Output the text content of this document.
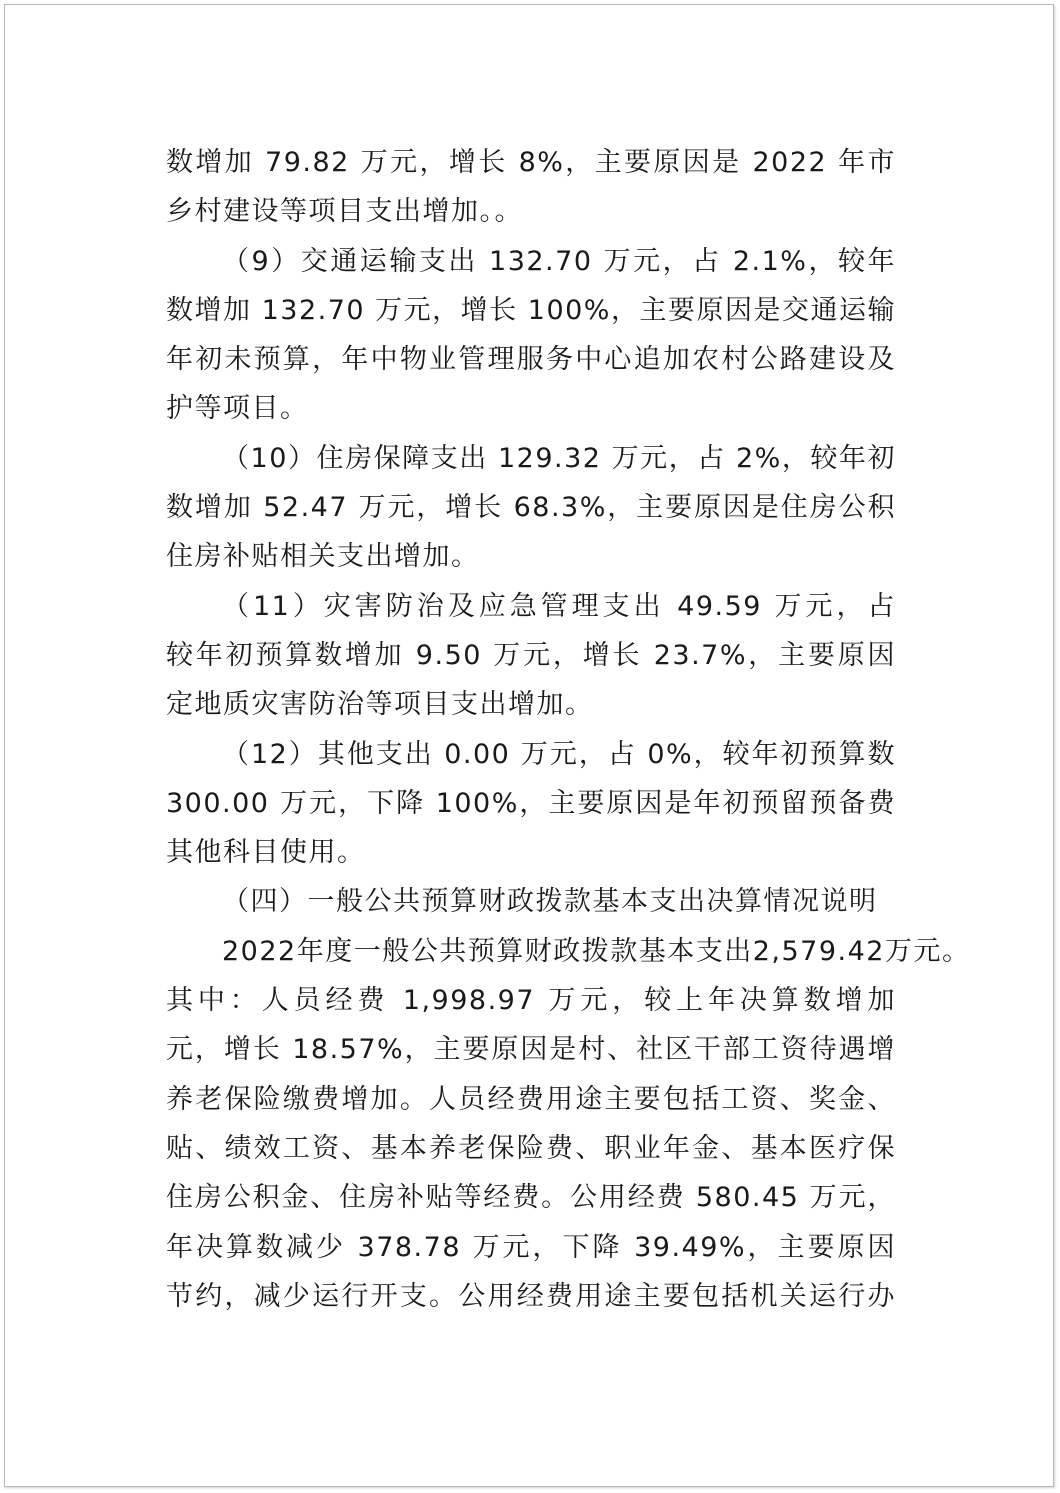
数增加 79.82 万元，增长 8%，主要原因是 2022 年市
乡村建设等项目支出增加。。
（9）交通运输支出 132.70 万元，占 2.1%，较年
数增加 132.70 万元，增长 100%，主要原因是交通运输
年初未预算，年中物业管理服务中心追加农村公路建设及
护等项目。
（10）住房保障支出 129.32 万元，占 2%，较年初
数增加 52.47 万元，增长 68.3%，主要原因是住房公积
住房补贴相关支出增加。
（11）灾害防治及应急管理支出 49.59 万元，占
较年初预算数增加 9.50 万元，增长 23.7%，主要原因
定地质灾害防治等项目支出增加。
（12）其他支出 0.00 万元，占 0%，较年初预算数
300.00 万元，下降 100%，主要原因是年初预留预备费
其他科目使用。
（四）一般公共预算财政拨款基本支出决算情况说明
2022年度一般公共预算财政拨款基本支出2,579.42万元。
其中：人员经费 1,998.97 万元，较上年决算数增加
元，增长 18.57%，主要原因是村、社区干部工资待遇增
养老保险缴费增加。人员经费用途主要包括工资、奖金、
贴、绩效工资、基本养老保险费、职业年金、基本医疗保
住房公积金、住房补贴等经费。公用经费 580.45 万元，
年决算数减少 378.78 万元，下降 39.49%，主要原因
节约，减少运行开支。公用经费用途主要包括机关运行办
